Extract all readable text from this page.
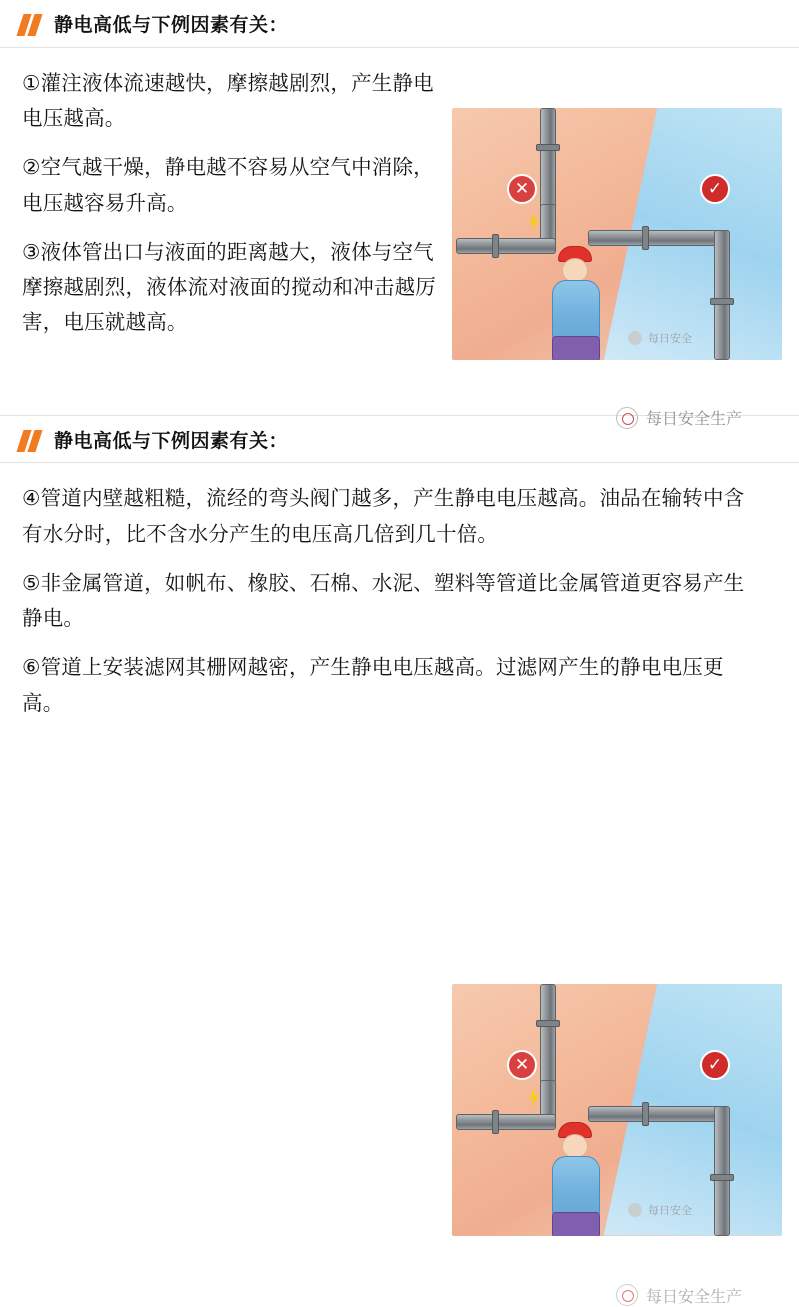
静电高低与下例因素有关：

①灌注液体流速越快，摩擦越剧烈，产生静电电压越高。

②空气越干燥，静电越不容易从空气中消除，电压越容易升高。

③液体管出口与液面的距离越大，液体与空气摩擦越剧烈，液体流对液面的搅动和冲击越厉害，电压就越高。

✕	✓
每日安全
每日安全生产
静电高低与下例因素有关：

④管道内壁越粗糙，流经的弯头阀门越多，产生静电电压越高。油品在输转中含有水分时，比不含水分产生的电压高几倍到几十倍。

⑤非金属管道，如帆布、橡胶、石棉、水泥、塑料等管道比金属管道更容易产生静电。

⑥管道上安装滤网其栅网越密，产生静电电压越高。过滤网产生的静电电压更高。

✕	✓
每日安全
每日安全生产
